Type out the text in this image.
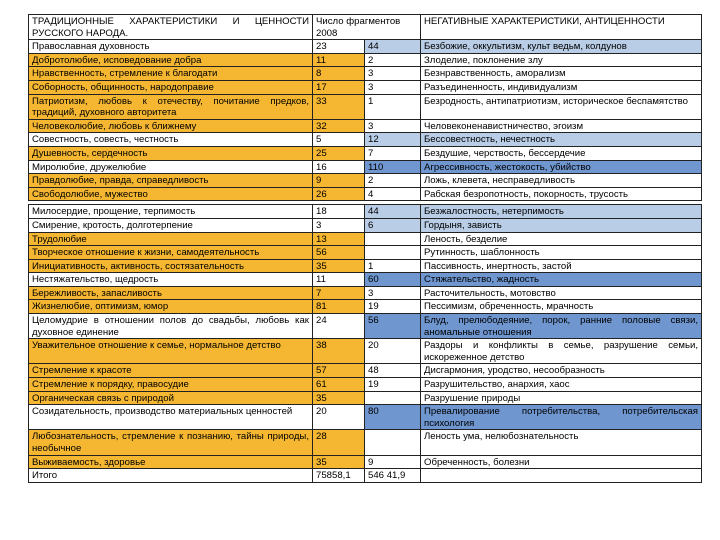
ТРАДИЦИОННЫЕ ХАРАКТЕРИСТИКИ И ЦЕННОСТИ РУССКОГО НАРОДА.	Число фрагментов 2008		НЕГАТИВНЫЕ ХАРАКТЕРИСТИКИ, АНТИЦЕННОСТИ
Православная духовность	23	44	Безбожие, оккультизм, культ ведьм, колдунов
Добротолюбие, исповедование добра	11	2	Злоделие, поклонение злу
Нравственность, стремление к благодати	8	3	Безнравственность, аморализм
Соборность, общинность, народоправие	17	3	Разъединенность, индивидуализм
Патриотизм, любовь к отечеству, почитание предков, традиций, духовного авторитета	33	1	Безродность, антипатриотизм, историческое беспамятство
Человеколюбие, любовь к ближнему	32	3	Человеконенавистничество, эгоизм
Совестность, совесть, честность	5	12	Бессовестность, нечестность
Душевность, сердечность	25	7	Бездушие, черствость, бессердечие
Миролюбие, дружелюбие	16	110	Агрессивность, жестокость, убийство
Правдолюбие, правда, справедливость	9	2	Ложь, клевета, несправедливость
Свободолюбие, мужество	26	4	Рабская безропотность, покорность, трусость

Милосердие, прощение, терпимость	18	44	Безжалостность, нетерпимость
Смирение, кротость, долготерпение	3	6	Гордыня, зависть
Трудолюбие	13		Леность, безделие
Творческое отношение к жизни, самодеятельность	56		Рутинность, шаблонность
Инициативность, активность, состязательность	35	1	Пассивность, инертность, застой
Нестяжательство, щедрость	11	60	Стяжательство, жадность
Бережливость, запасливость	7	3	Расточительность, мотовство
Жизнелюбие, оптимизм, юмор	81	19	Пессимизм, обреченность, мрачность
Целомудрие в отношении полов до свадьбы, любовь как духовное единение	24	56	Блуд, прелюбодеяние, порок, ранние половые связи, аномальные отношения
Уважительное отношение к семье, нормальное детство	38	20	Раздоры и конфликты в семье, разрушение семьи, искореженное детство
Стремление к красоте	57	48	Дисгармония, уродство, несообразность
Стремление к порядку, правосудие	61	19	Разрушительство, анархия, хаос
Органическая связь с природой	35		Разрушение природы
Созидательность, производство материальных ценностей	20	80	Превалирование потребительства, потребительская психология
Любознательность, стремление к познанию, тайны природы, необычное	28		Леность ума, нелюбознательность
Выживаемость, здоровье	35	9	Обреченность, болезни
Итого	75858,1	546 41,9	
